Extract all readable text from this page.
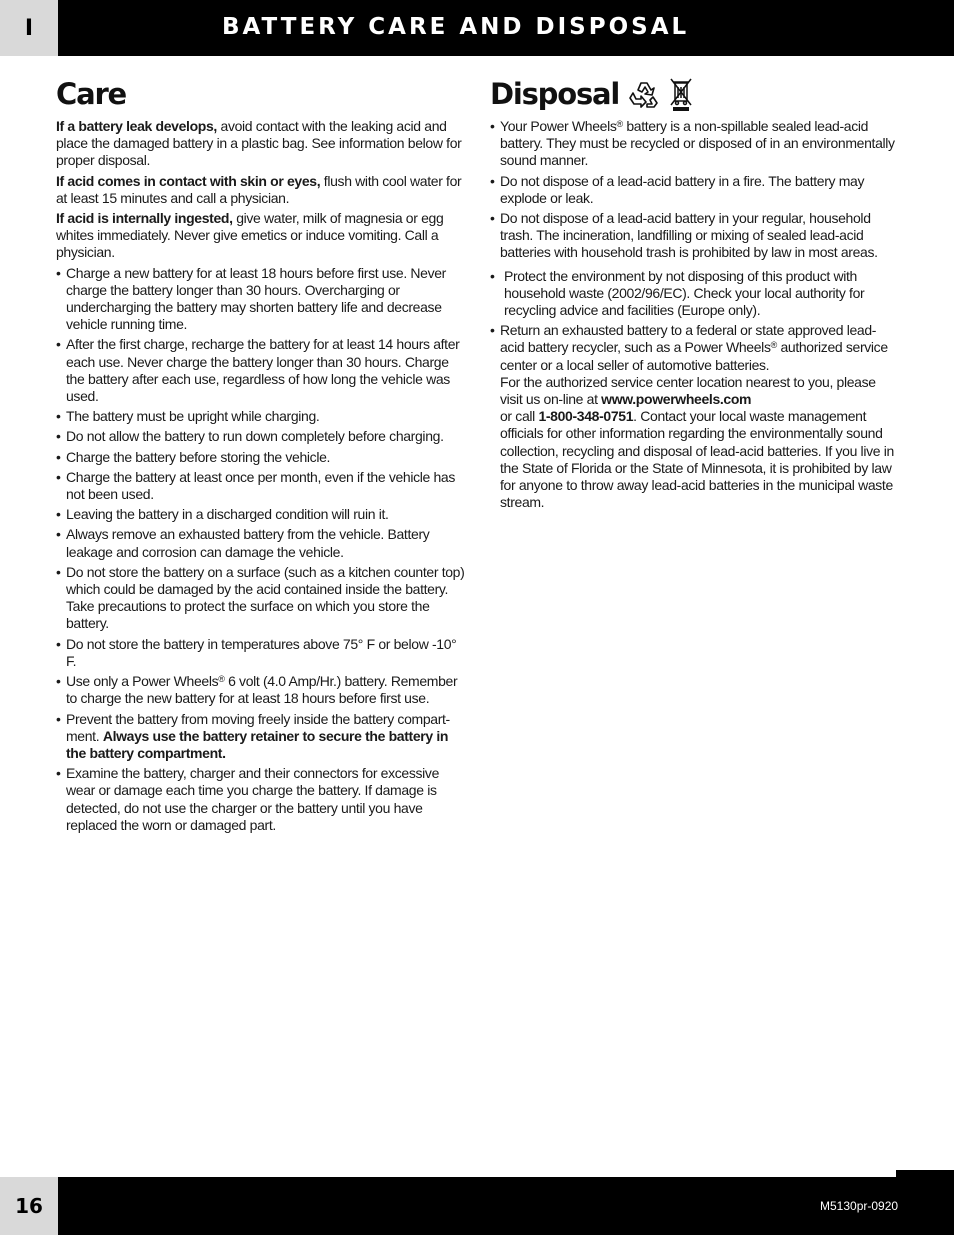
I	BATTERY CARE AND DISPOSAL
Care

If a battery leak develops, avoid contact with the leaking acid and place the damaged battery in a plastic bag. See information below for proper disposal.

If acid comes in contact with skin or eyes, flush with cool water for at least 15 minutes and call a physician.

If acid is internally ingested, give water, milk of magnesia or egg whites immediately. Never give emetics or induce vomiting. Call a physician.

• Charge a new battery for at least 18 hours before first use. Never charge the battery longer than 30 hours. Overcharging or undercharging the battery may shorten battery life and decrease vehicle running time.
• After the first charge, recharge the battery for at least 14 hours after each use. Never charge the battery longer than 30 hours. Charge the battery after each use, regardless of how long the vehicle was used.
• The battery must be upright while charging.
• Do not allow the battery to run down completely before charging.
• Charge the battery before storing the vehicle.
• Charge the battery at least once per month, even if the vehicle has not been used.
• Leaving the battery in a discharged condition will ruin it.
• Always remove an exhausted battery from the vehicle. Battery leakage and corrosion can damage the vehicle.
• Do not store the battery on a surface (such as a kitchen counter top) which could be damaged by the acid contained inside the battery. Take precautions to protect the surface on which you store the battery.
• Do not store the battery in temperatures above 75° F or below -10° F.
• Use only a Power Wheels® 6 volt (4.0 Amp/Hr.) battery. Remember to charge the new battery for at least 18 hours before first use.
• Prevent the battery from moving freely inside the battery compart-ment. Always use the battery retainer to secure the battery in the battery compartment.
• Examine the battery, charger and their connectors for excessive wear or damage each time you charge the battery. If damage is detected, do not use the charger or the battery until you have replaced the worn or damaged part.
Disposal
• Your Power Wheels® battery is a non-spillable sealed lead-acid battery. They must be recycled or disposed of in an environmentally sound manner.
• Do not dispose of a lead-acid battery in a fire. The battery may explode or leak.
• Do not dispose of a lead-acid battery in your regular, household trash. The incineration, landfilling or mixing of sealed lead-acid batteries with household trash is prohibited by law in most areas.
• Protect the environment by not disposing of this product with household waste (2002/96/EC). Check your local authority for recycling advice and facilities (Europe only).
• Return an exhausted battery to a federal or state approved lead-acid battery recycler, such as a Power Wheels® authorized service center or a local seller of automotive batteries.
For the authorized service center location nearest to you, please visit us on-line at www.powerwheels.com
or call 1-800-348-0751. Contact your local waste management officials for other information regarding the environmentally sound collection, recycling and disposal of lead-acid batteries. If you live in the State of Florida or the State of Minnesota, it is prohibited by law for anyone to throw away lead-acid batteries in the municipal waste stream.
16	M5130pr-0920
